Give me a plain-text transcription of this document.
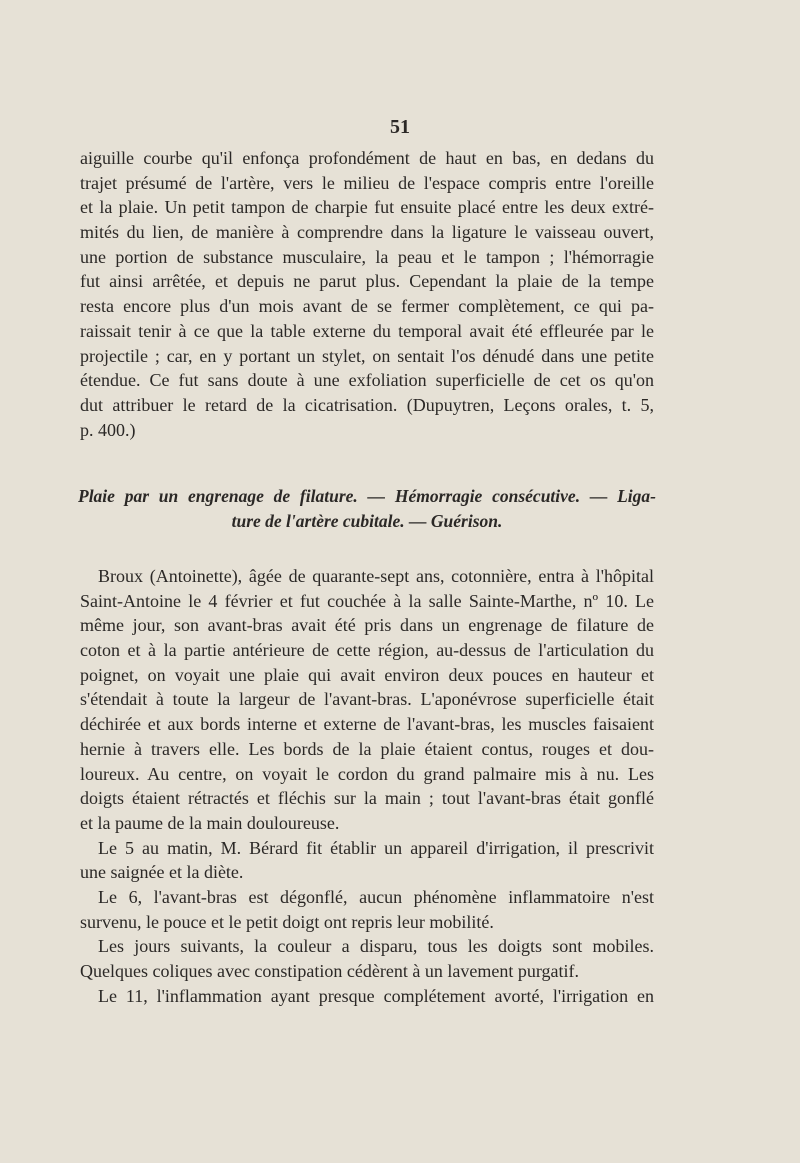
51
aiguille courbe qu'il enfonça profondément de haut en bas, en dedans du
trajet présumé de l'artère, vers le milieu de l'espace compris entre l'oreille
et la plaie. Un petit tampon de charpie fut ensuite placé entre les deux extré-
mités du lien, de manière à comprendre dans la ligature le vaisseau ouvert,
une portion de substance musculaire, la peau et le tampon ; l'hémorragie
fut ainsi arrêtée, et depuis ne parut plus. Cependant la plaie de la tempe
resta encore plus d'un mois avant de se fermer complètement, ce qui pa-
raissait tenir à ce que la table externe du temporal avait été effleurée par le
projectile ; car, en y portant un stylet, on sentait l'os dénudé dans une petite
étendue. Ce fut sans doute à une exfoliation superficielle de cet os qu'on
dut attribuer le retard de la cicatrisation. (Dupuytren, Leçons orales, t. 5,
p. 400.)
Plaie par un engrenage de filature. — Hémorragie consécutive. — Liga-
ture de l'artère cubitale. — Guérison.
Broux (Antoinette), âgée de quarante-sept ans, cotonnière, entra à l'hôpital
Saint-Antoine le 4 février et fut couchée à la salle Sainte-Marthe, nº 10. Le
même jour, son avant-bras avait été pris dans un engrenage de filature de
coton et à la partie antérieure de cette région, au-dessus de l'articulation du
poignet, on voyait une plaie qui avait environ deux pouces en hauteur et
s'étendait à toute la largeur de l'avant-bras. L'aponévrose superficielle était
déchirée et aux bords interne et externe de l'avant-bras, les muscles faisaient
hernie à travers elle. Les bords de la plaie étaient contus, rouges et dou-
loureux. Au centre, on voyait le cordon du grand palmaire mis à nu. Les
doigts étaient rétractés et fléchis sur la main ; tout l'avant-bras était gonflé
et la paume de la main douloureuse.
Le 5 au matin, M. Bérard fit établir un appareil d'irrigation, il prescrivit
une saignée et la diète.
Le 6, l'avant-bras est dégonflé, aucun phénomène inflammatoire n'est
survenu, le pouce et le petit doigt ont repris leur mobilité.
Les jours suivants, la couleur a disparu, tous les doigts sont mobiles.
Quelques coliques avec constipation cédèrent à un lavement purgatif.
Le 11, l'inflammation ayant presque complétement avorté, l'irrigation en
